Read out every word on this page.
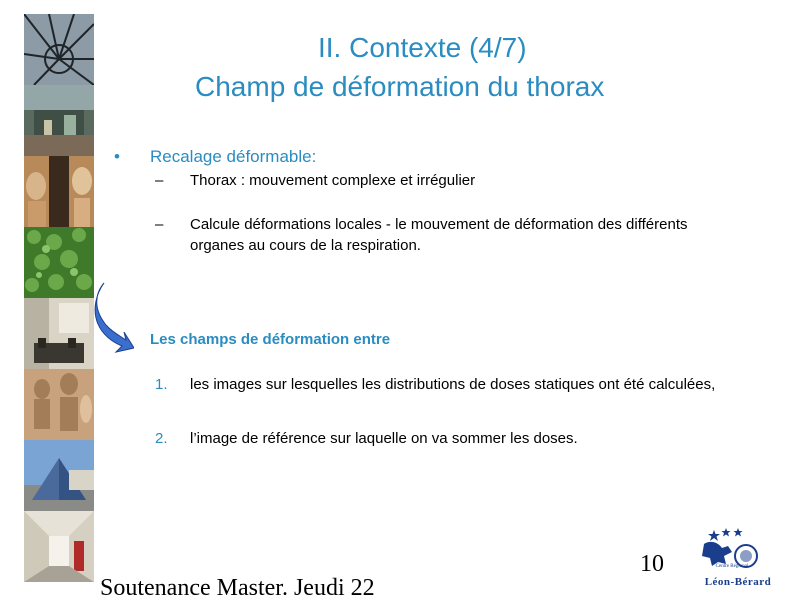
II. Contexte (4/7)
Champ de déformation du thorax
•	Recalage déformable:
–	Thorax : mouvement complexe et irrégulier
–	Calcule déformations locales - le mouvement de déformation des différents organes au cours de la respiration.
Les champs de déformation entre
1.	les images sur lesquelles les distributions de doses statiques ont été calculées,
2.	l’image de référence sur laquelle on va sommer les doses.
10
Soutenance Master. Jeudi 22
Centre Régional
Léon-Bérard
